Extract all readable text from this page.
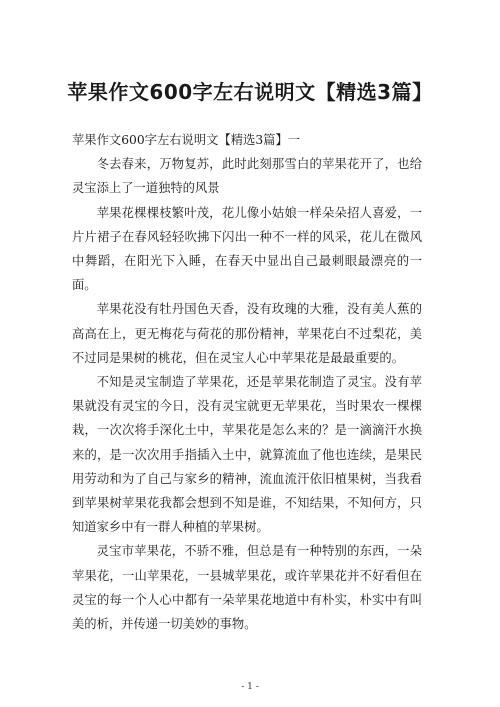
苹果作文600字左右说明文【精选3篇】

苹果作文600字左右说明文【精选3篇】一

冬去春来，万物复苏，此时此刻那雪白的苹果花开了，也给灵宝添上了一道独特的风景

苹果花棵棵枝繁叶茂，花儿像小姑娘一样朵朵招人喜爱，一片片裙子在春风轻轻吹拂下闪出一种不一样的风采，花儿在微风中舞蹈，在阳光下入睡，在春天中显出自己最刺眼最漂亮的一面。

苹果花没有牡丹国色天香，没有玫瑰的大雅，没有美人蕉的高高在上，更无梅花与荷花的那份精神，苹果花白不过梨花，美不过同是果树的桃花，但在灵宝人心中苹果花是最最重要的。

不知是灵宝制造了苹果花，还是苹果花制造了灵宝。没有苹果就没有灵宝的今日，没有灵宝就更无苹果花，当时果农一棵棵栽，一次次将手深化土中，苹果花是怎么来的？是一滴滴汗水换来的，是一次次用手指插入土中，就算流血了他也连续，是果民用劳动和为了自己与家乡的精神，流血流汗依旧植果树，当我看到苹果树苹果花我都会想到不知是谁，不知结果，不知何方，只知道家乡中有一群人种植的苹果树。

灵宝市苹果花，不骄不雅，但总是有一种特别的东西，一朵苹果花，一山苹果花，一县城苹果花，或许苹果花并不好看但在灵宝的每一个人心中都有一朵苹果花地道中有朴实，朴实中有叫美的析，并传递一切美妙的事物。

- 1 -
